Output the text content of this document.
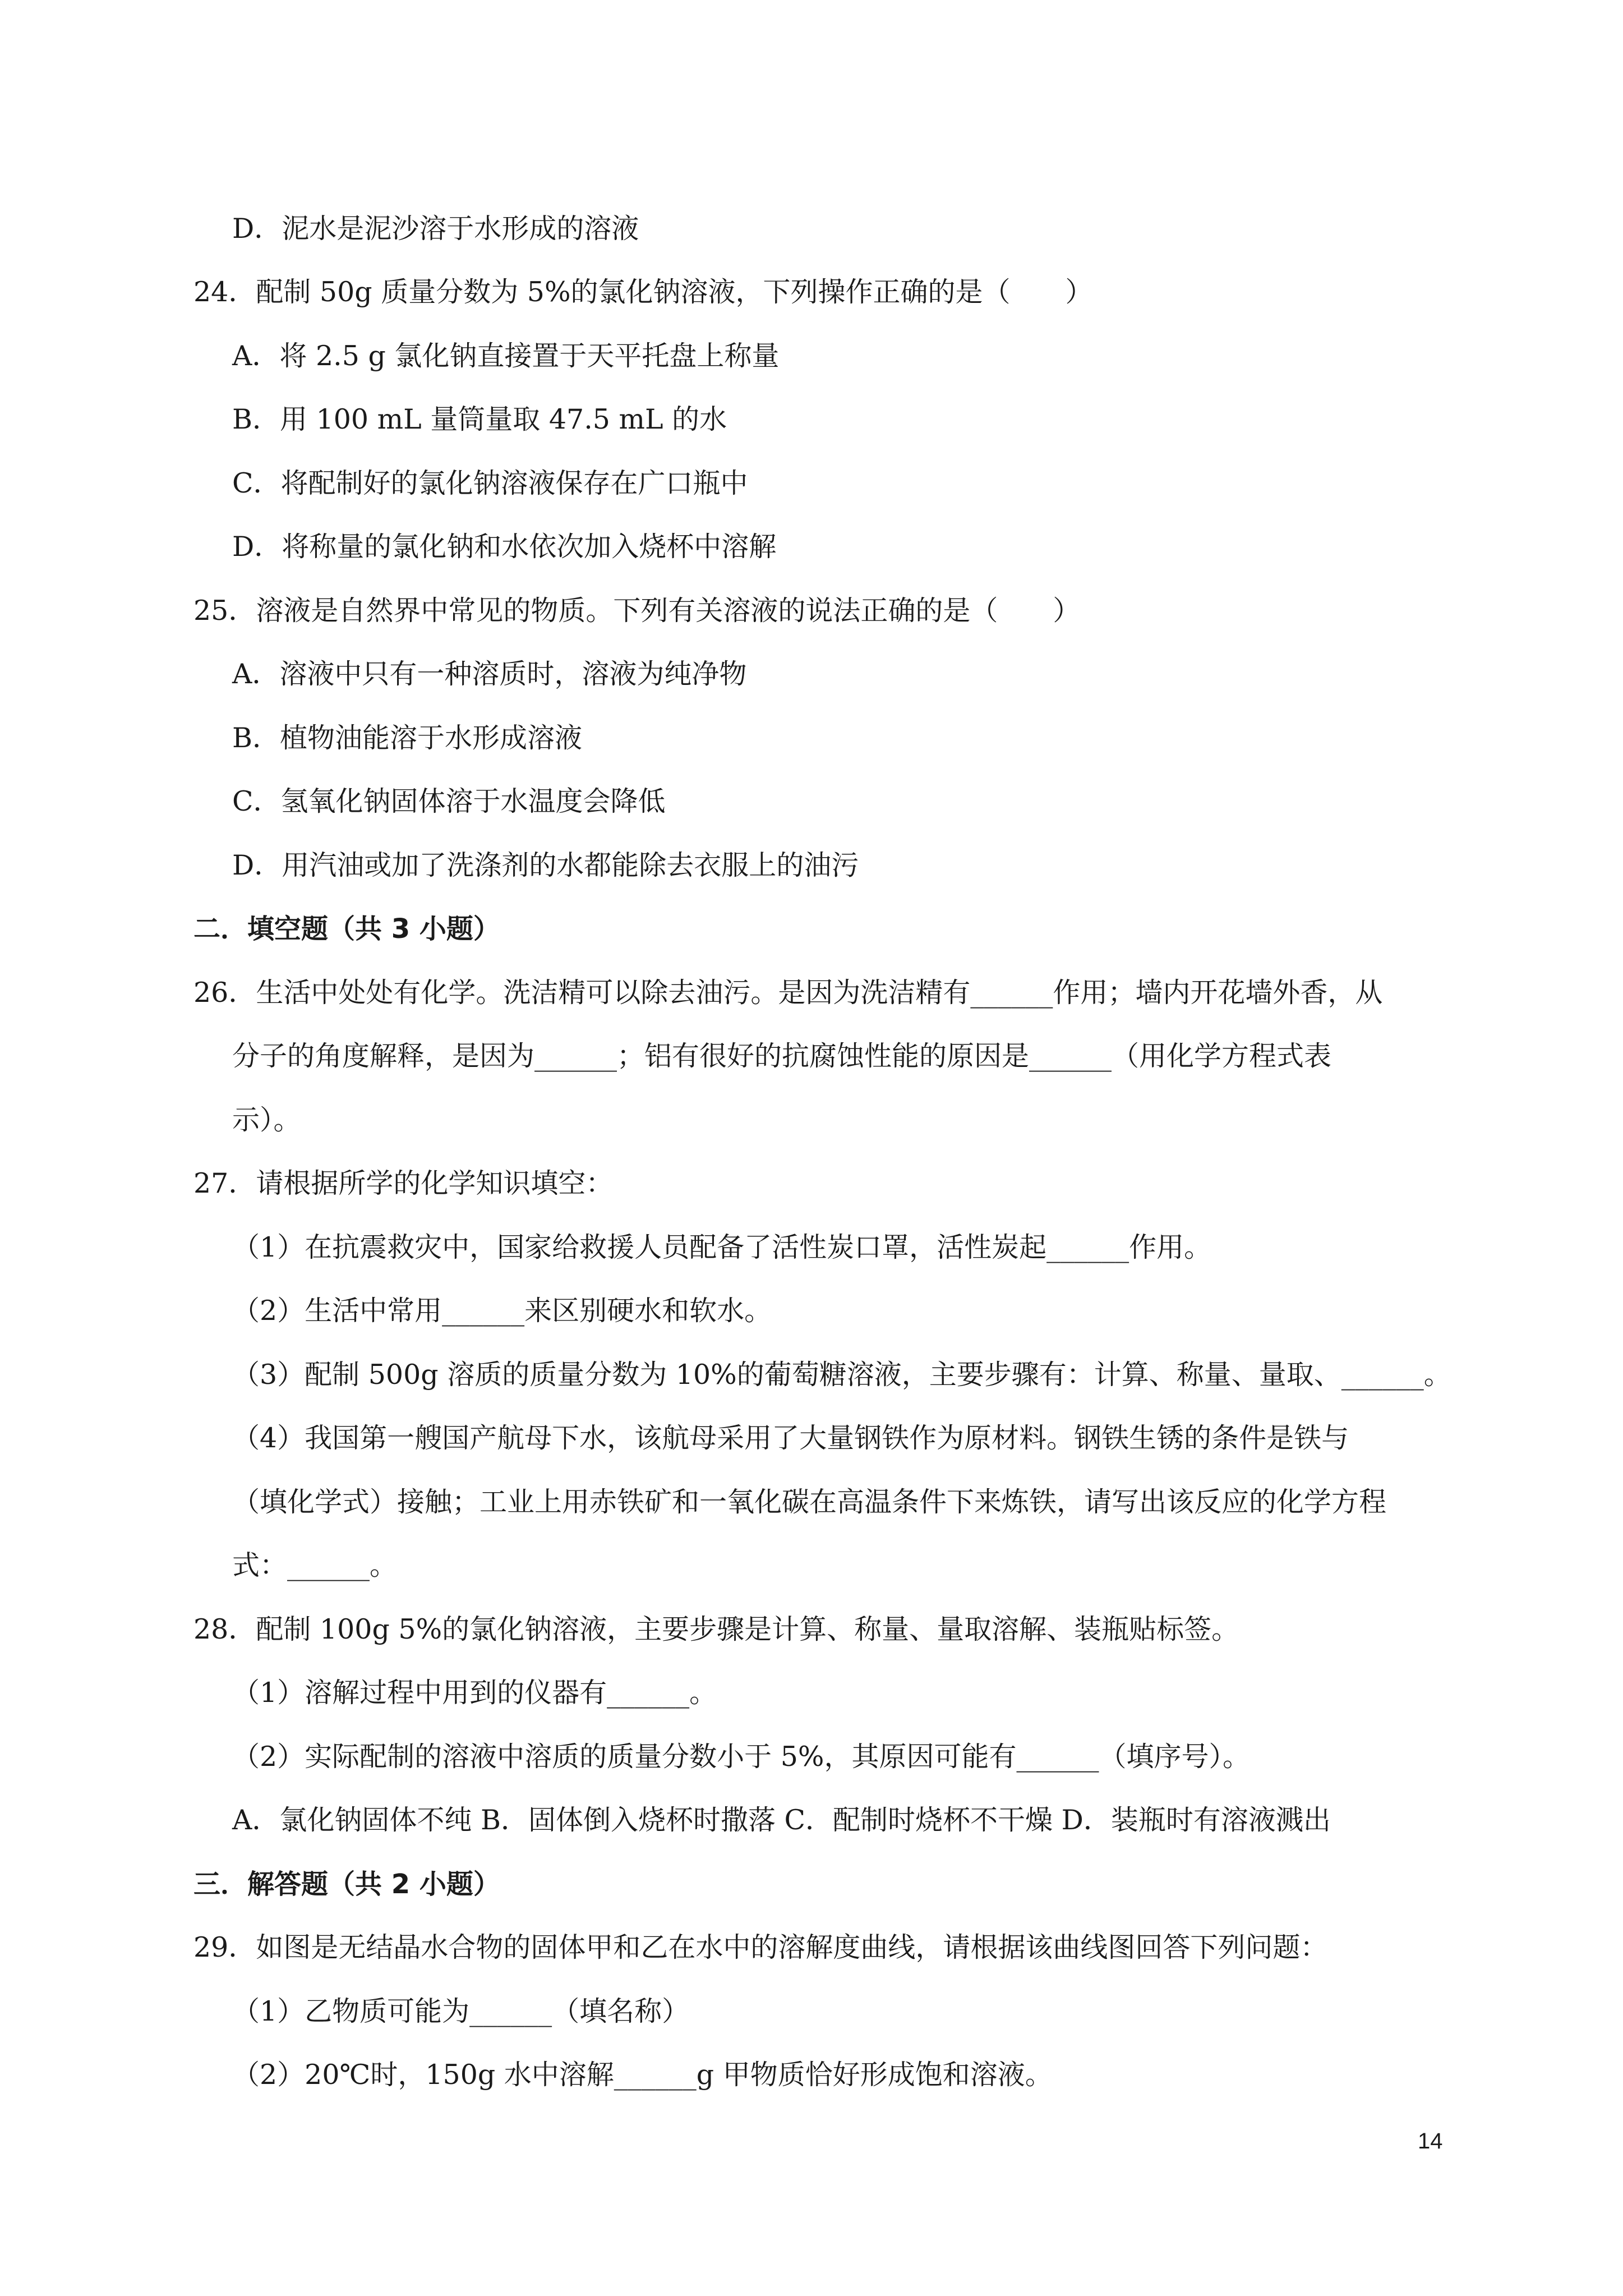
D．泥水是泥沙溶于水形成的溶液
24．配制 50g 质量分数为 5%的氯化钠溶液，下列操作正确的是（　　）
A．将 2.5 g 氯化钠直接置于天平托盘上称量
B．用 100 mL 量筒量取 47.5 mL 的水
C．将配制好的氯化钠溶液保存在广口瓶中
D．将称量的氯化钠和水依次加入烧杯中溶解
25．溶液是自然界中常见的物质。下列有关溶液的说法正确的是（　　）
A．溶液中只有一种溶质时，溶液为纯净物
B．植物油能溶于水形成溶液
C．氢氧化钠固体溶于水温度会降低
D．用汽油或加了洗涤剂的水都能除去衣服上的油污
二．填空题（共 3 小题）
26．生活中处处有化学。洗洁精可以除去油污。是因为洗洁精有______作用；墙内开花墙外香，从
分子的角度解释，是因为______；铝有很好的抗腐蚀性能的原因是______（用化学方程式表
示）。
27．请根据所学的化学知识填空：
（1）在抗震救灾中，国家给救援人员配备了活性炭口罩，活性炭起______作用。
（2）生活中常用______来区别硬水和软水。
（3）配制 500g 溶质的质量分数为 10%的葡萄糖溶液，主要步骤有：计算、称量、量取、______。
（4）我国第一艘国产航母下水，该航母采用了大量钢铁作为原材料。钢铁生锈的条件是铁与
（填化学式）接触；工业上用赤铁矿和一氧化碳在高温条件下来炼铁，请写出该反应的化学方程
式：______。
28．配制 100g 5%的氯化钠溶液，主要步骤是计算、称量、量取溶解、装瓶贴标签。
（1）溶解过程中用到的仪器有______。
（2）实际配制的溶液中溶质的质量分数小于 5%，其原因可能有______（填序号）。
A．氯化钠固体不纯 B．固体倒入烧杯时撒落 C．配制时烧杯不干燥 D．装瓶时有溶液溅出
三．解答题（共 2 小题）
29．如图是无结晶水合物的固体甲和乙在水中的溶解度曲线，请根据该曲线图回答下列问题：
（1）乙物质可能为______（填名称）
（2）20℃时，150g 水中溶解______g 甲物质恰好形成饱和溶液。
14
